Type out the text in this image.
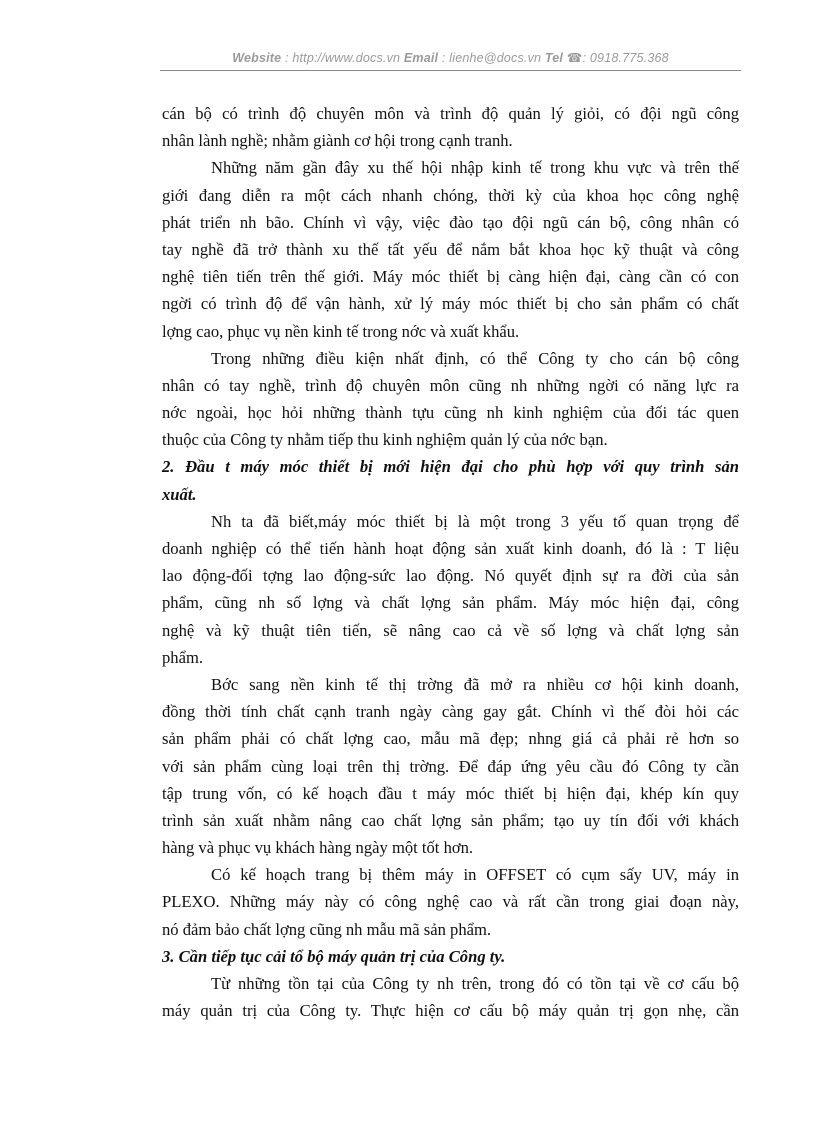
Website : http://www.docs.vn Email : lienhe@docs.vn Tel ☎: 0918.775.368
cán bộ có trình độ chuyên môn và trình độ quản lý giỏi, có đội ngũ công
nhân lành nghề; nhằm giành cơ hội trong cạnh tranh.
Những năm gần đây xu thế hội nhập kinh tế trong khu vực và trên thế
giới đang diễn ra một cách nhanh chóng, thời kỳ của khoa học công nghệ
phát triển nh bão. Chính vì vậy, việc đào tạo đội ngũ cán bộ, công nhân có
tay nghề đã trở thành xu thế tất yếu để nắm bắt khoa học kỹ thuật và công
nghệ tiên tiến trên thế giới. Máy móc thiết bị càng hiện đại, càng cần có con
ngời có trình độ để vận hành, xử lý máy móc thiết bị cho sản phẩm có chất
lợng cao, phục vụ nền kinh tế trong nớc và xuất khẩu.
Trong những điều kiện nhất định, có thể Công ty cho cán bộ công
nhân có tay nghề, trình độ chuyên môn cũng nh những ngời có năng lực ra
nớc ngoài, học hỏi những thành tựu cũng nh kinh nghiệm của đối tác quen
thuộc của Công ty nhằm tiếp thu kinh nghiệm quản lý của nớc bạn.
2. Đầu t máy móc thiết bị mới hiện đại cho phù hợp với quy trình sản
xuất.
Nh ta đã biết,máy móc thiết bị là một trong 3 yếu tố quan trọng để
doanh nghiệp có thể tiến hành hoạt động sản xuất kinh doanh, đó là : T liệu
lao động-đối tợng lao động-sức lao động. Nó quyết định sự ra đời của sản
phẩm, cũng nh số lợng và chất lợng sản phẩm. Máy móc hiện đại, công
nghệ và kỹ thuật tiên tiến, sẽ nâng cao cả về số lợng và chất lợng sản
phẩm.
Bớc sang nền kinh tế thị trờng đã mở ra nhiều cơ hội kinh doanh,
đồng thời tính chất cạnh tranh ngày càng gay gắt. Chính vì thế đòi hỏi các
sản phẩm phải có chất lợng cao, mẫu mã đẹp; nhng giá cả phải rẻ hơn so
với sản phẩm cùng loại trên thị trờng. Để đáp ứng yêu cầu đó Công ty cần
tập trung vốn, có kế hoạch đầu t máy móc thiết bị hiện đại, khép kín quy
trình sản xuất nhằm nâng cao chất lợng sản phẩm; tạo uy tín đối với khách
hàng và phục vụ khách hàng ngày một tốt hơn.
Có kế hoạch trang bị thêm máy in OFFSET có cụm sấy UV, máy in
PLEXO. Những máy này có công nghệ cao và rất cần trong giai đoạn này,
nó đảm bảo chất lợng cũng nh mẫu mã sản phẩm.
3. Cần tiếp tục cải tổ bộ máy quản trị của Công ty.
Từ những tồn tại của Công ty nh trên, trong đó có tồn tại về cơ cấu bộ
máy quản trị của Công ty. Thực hiện cơ cấu bộ máy quản trị gọn nhẹ, cần
